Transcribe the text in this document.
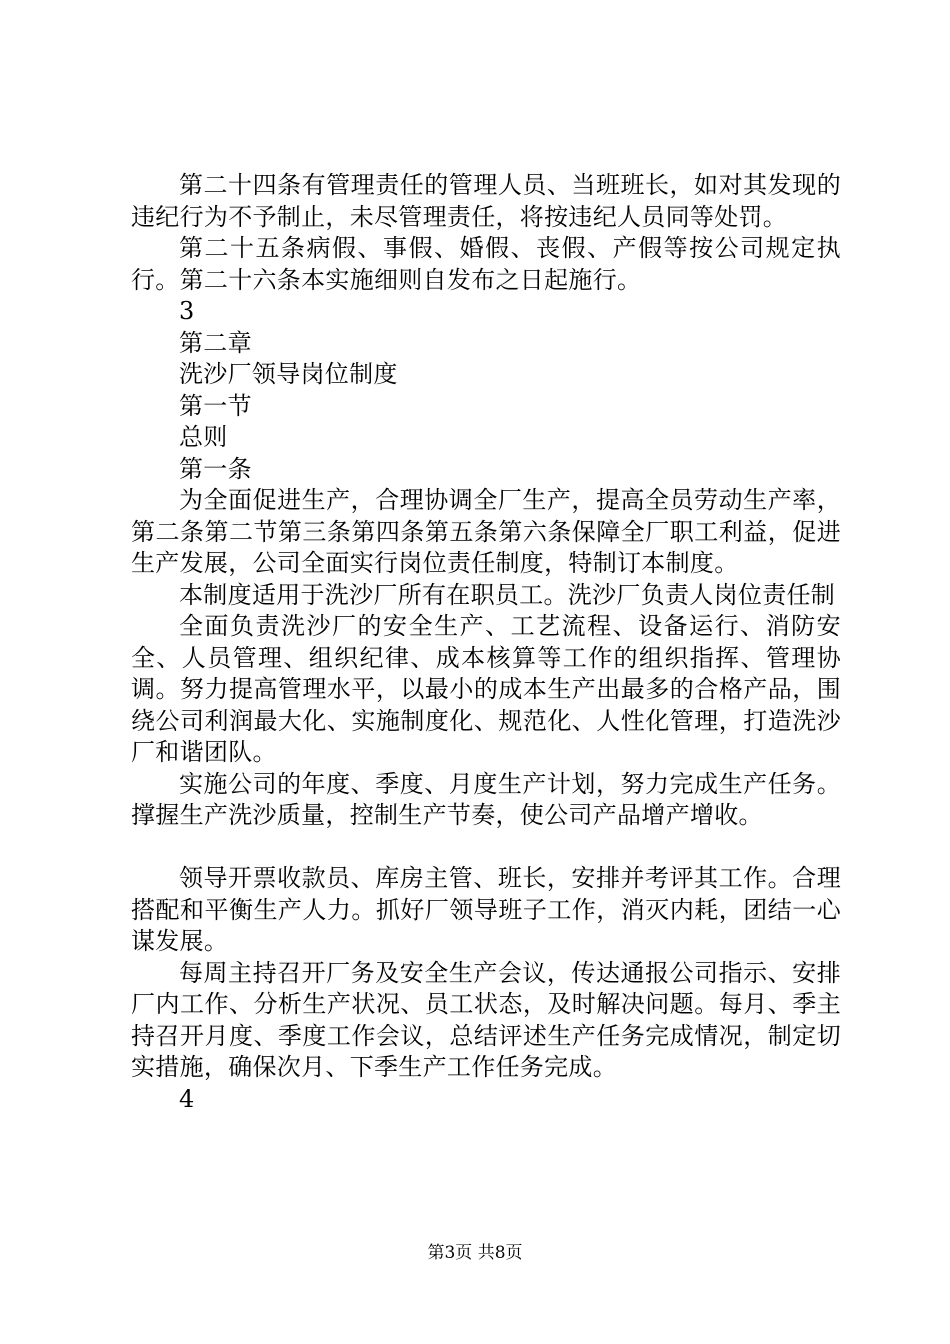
第二十四条有管理责任的管理人员、当班班长，如对其发现的违纪行为不予制止，未尽管理责任，将按违纪人员同等处罚。

第二十五条病假、事假、婚假、丧假、产假等按公司规定执行。第二十六条本实施细则自发布之日起施行。

3

第二章

洗沙厂领导岗位制度

第一节

总则

第一条

为全面促进生产，合理协调全厂生产，提高全员劳动生产率，第二条第二节第三条第四条第五条第六条保障全厂职工利益，促进生产发展，公司全面实行岗位责任制度，特制订本制度。

本制度适用于洗沙厂所有在职员工。洗沙厂负责人岗位责任制

全面负责洗沙厂的安全生产、工艺流程、设备运行、消防安全、人员管理、组织纪律、成本核算等工作的组织指挥、管理协调。努力提高管理水平，以最小的成本生产出最多的合格产品，围绕公司利润最大化、实施制度化、规范化、人性化管理，打造洗沙厂和谐团队。

实施公司的年度、季度、月度生产计划，努力完成生产任务。撑握生产洗沙质量，控制生产节奏，使公司产品增产增收。

领导开票收款员、库房主管、班长，安排并考评其工作。合理搭配和平衡生产人力。抓好厂领导班子工作，消灭内耗，团结一心谋发展。

每周主持召开厂务及安全生产会议，传达通报公司指示、安排厂内工作、分析生产状况、员工状态，及时解决问题。每月、季主持召开月度、季度工作会议，总结评述生产任务完成情况，制定切实措施，确保次月、下季生产工作任务完成。

4

第3页 共8页
